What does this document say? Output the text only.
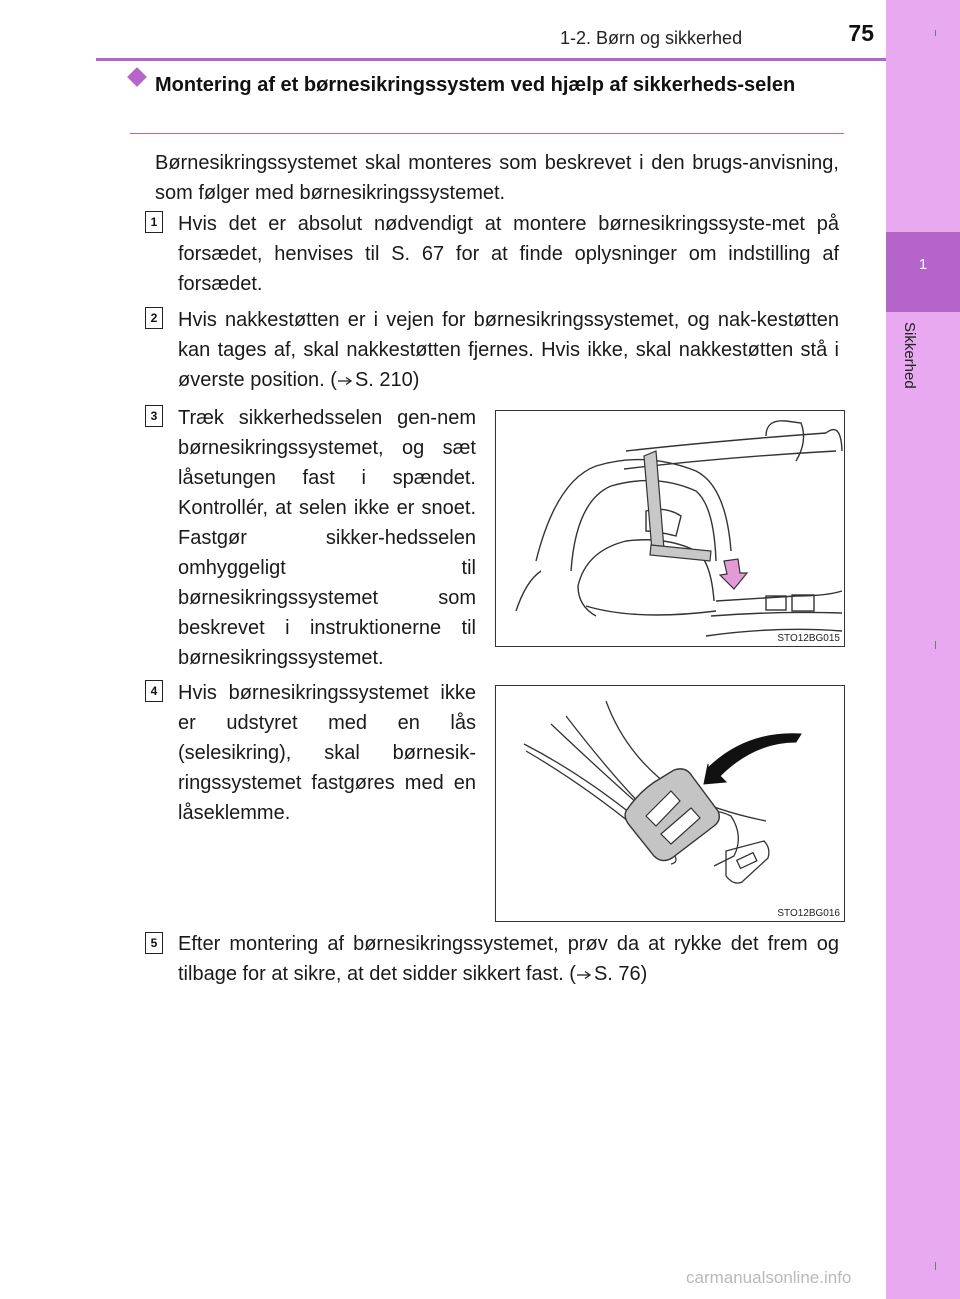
1
Sikkerhed
1-2. Børn og sikkerhed	75
Montering af et børnesikringssystem ved hjælp af sikkerheds-selen

Børnesikringssystemet skal monteres som beskrevet i den brugs-anvisning, som følger med børnesikringssystemet.

1 Hvis det er absolut nødvendigt at montere børnesikringssyste-met på forsædet, henvises til S. 67 for at finde oplysninger om indstilling af forsædet.

2 Hvis nakkestøtten er i vejen for børnesikringssystemet, og nak-kestøtten kan tages af, skal nakkestøtten fjernes. Hvis ikke, skal nakkestøtten stå i øverste position. ( S. 210)

3 Træk sikkerhedsselen gen-nem børnesikringssystemet, og sæt låsetungen fast i spændet. Kontrollér, at selen ikke er snoet. Fastgør sikker-hedsselen omhyggeligt til børnesikringssystemet som beskrevet i instruktionerne til børnesikringssystemet.

STO12BG015
4 Hvis børnesikringssystemet ikke er udstyret med en lås (selesikring), skal børnesik-ringssystemet fastgøres med en låseklemme.

STO12BG016
5 Efter montering af børnesikringssystemet, prøv da at rykke det frem og tilbage for at sikre, at det sidder sikkert fast. ( S. 76)

carmanualsonline.info
